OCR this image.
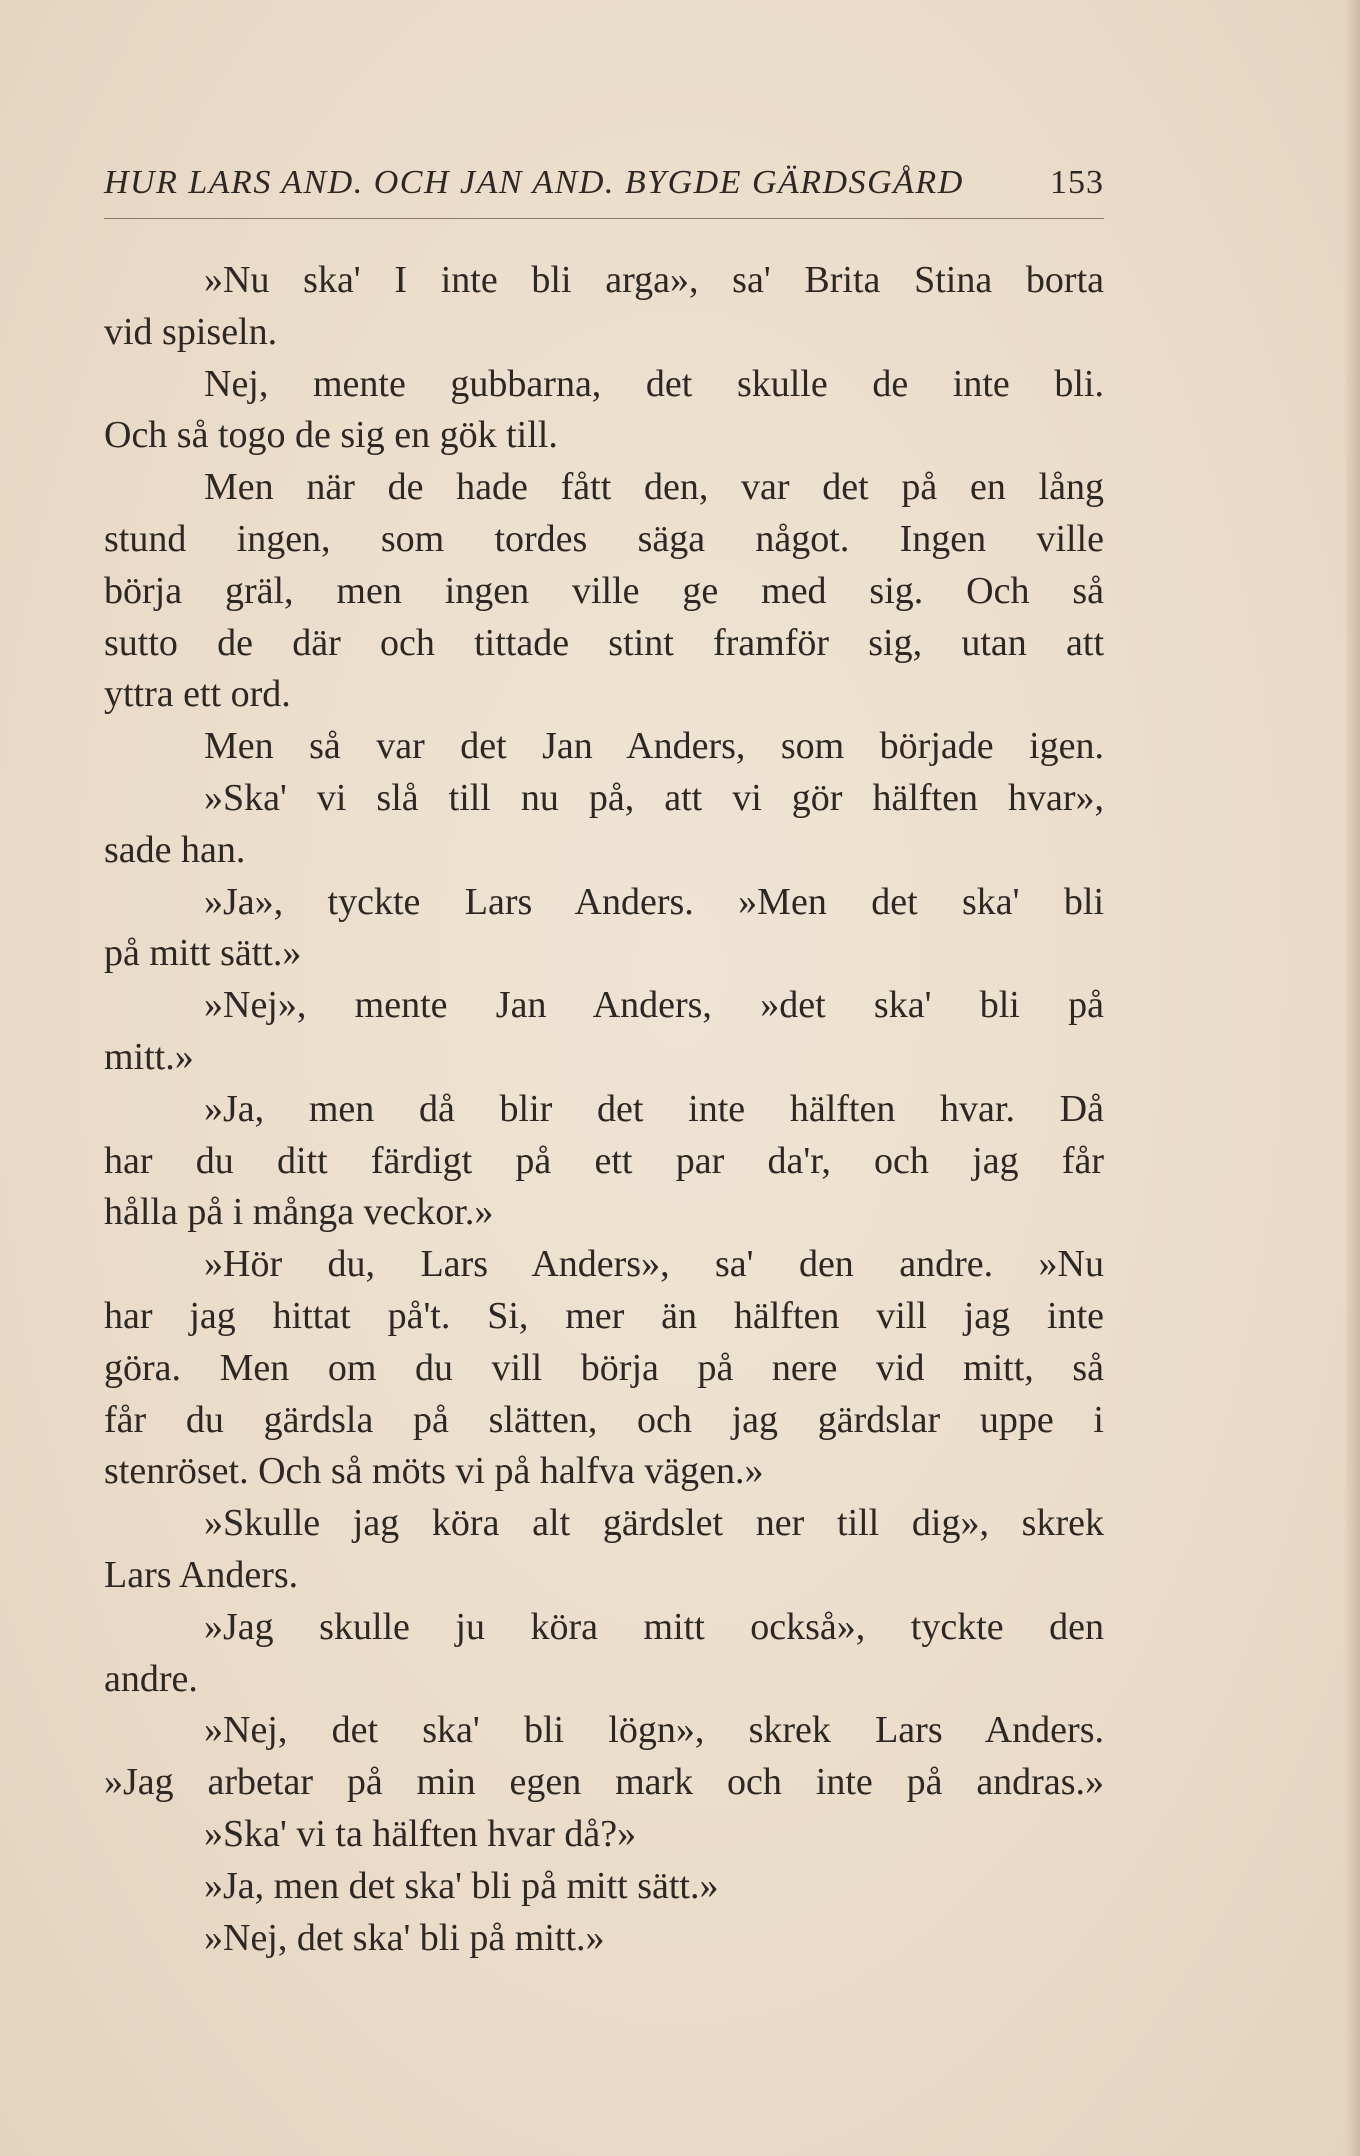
HUR LARS AND. OCH JAN AND. BYGDE GÄRDSGÅRD	153
»Nu ska' I inte bli arga», sa' Brita Stina borta
vid spiseln.
Nej, mente gubbarna, det skulle de inte bli.
Och så togo de sig en gök till.
Men när de hade fått den, var det på en lång
stund ingen, som tordes säga något. Ingen ville
börja gräl, men ingen ville ge med sig. Och så
sutto de där och tittade stint framför sig, utan att
yttra ett ord.
Men så var det Jan Anders, som började igen.
»Ska' vi slå till nu på, att vi gör hälften hvar»,
sade han.
»Ja», tyckte Lars Anders. »Men det ska' bli
på mitt sätt.»
»Nej», mente Jan Anders, »det ska' bli på
mitt.»
»Ja, men då blir det inte hälften hvar. Då
har du ditt färdigt på ett par da'r, och jag får
hålla på i många veckor.»
»Hör du, Lars Anders», sa' den andre. »Nu
har jag hittat på't. Si, mer än hälften vill jag inte
göra. Men om du vill börja på nere vid mitt, så
får du gärdsla på slätten, och jag gärdslar uppe i
stenröset. Och så möts vi på halfva vägen.»
»Skulle jag köra alt gärdslet ner till dig», skrek
Lars Anders.
»Jag skulle ju köra mitt också», tyckte den
andre.
»Nej, det ska' bli lögn», skrek Lars Anders.
»Jag arbetar på min egen mark och inte på andras.»
»Ska' vi ta hälften hvar då?»
»Ja, men det ska' bli på mitt sätt.»
»Nej, det ska' bli på mitt.»
